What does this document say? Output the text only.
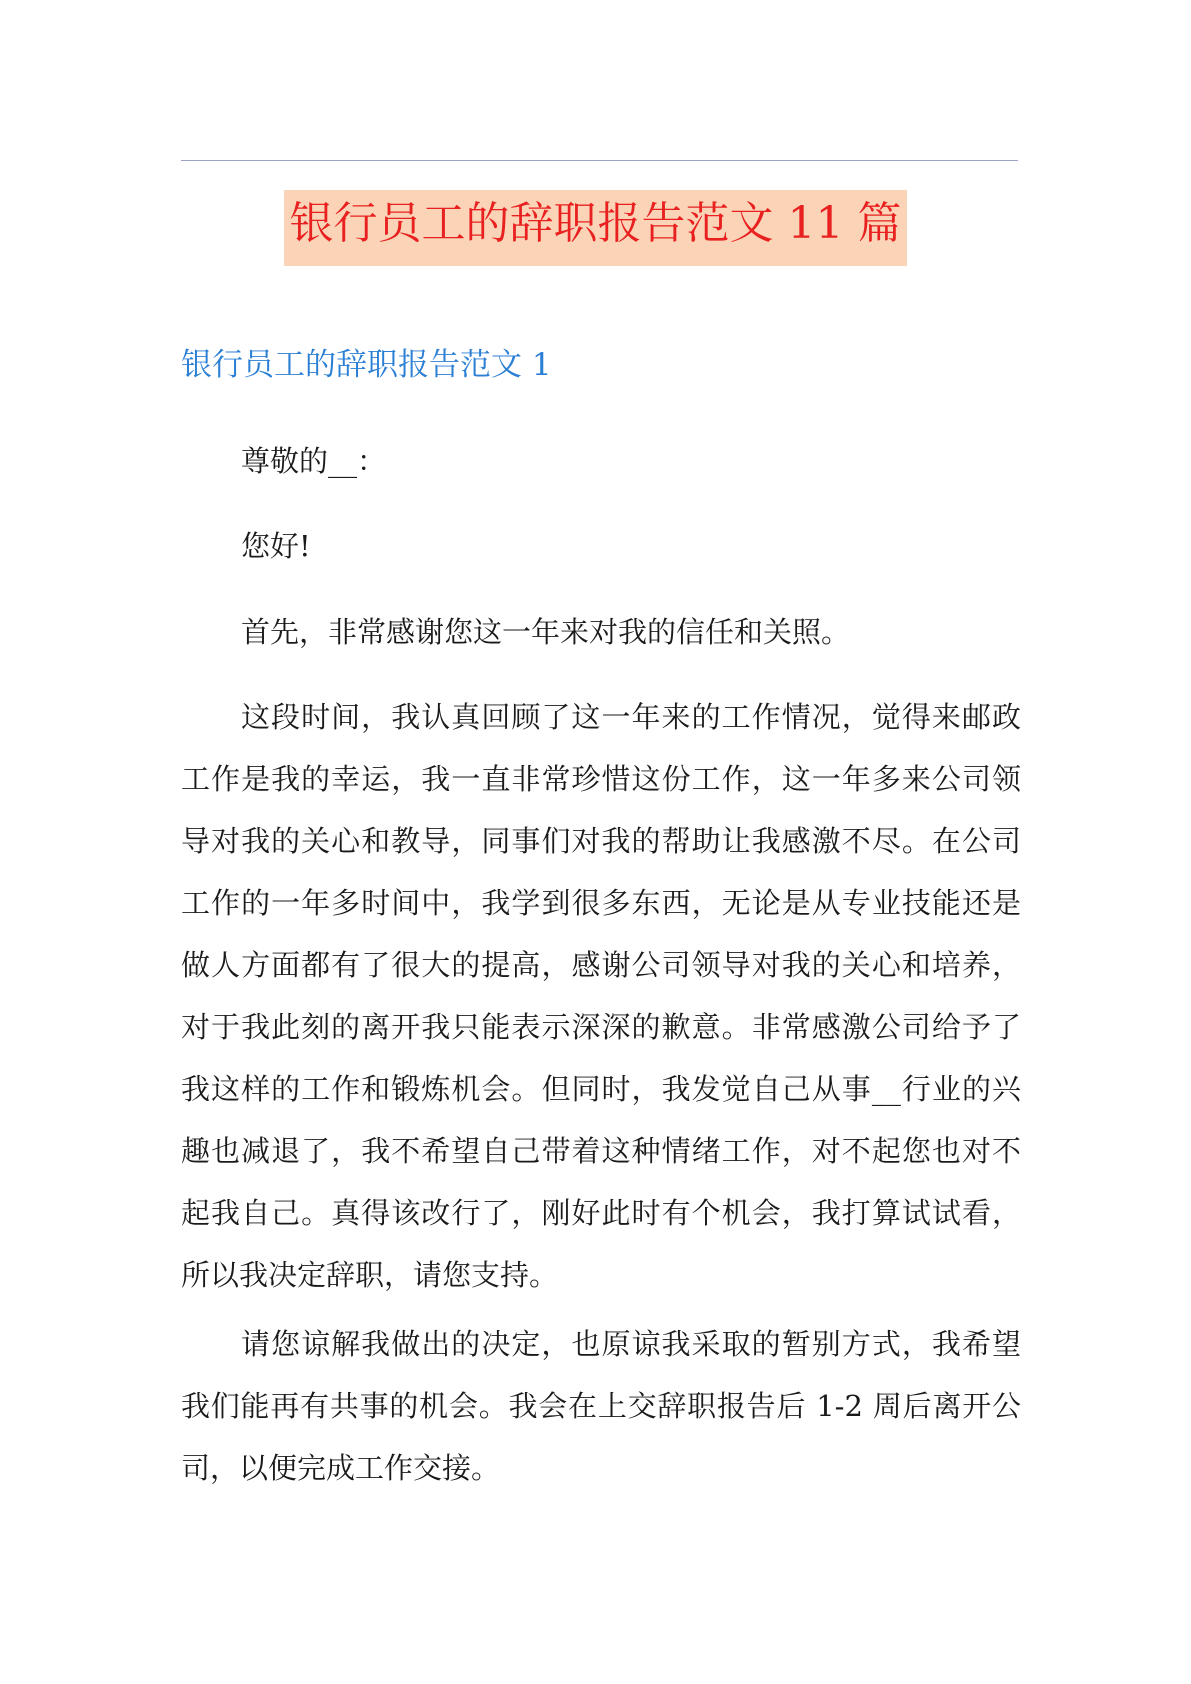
银行员工的辞职报告范文 11 篇
银行员工的辞职报告范文 1

尊敬的__：

您好!

首先，非常感谢您这一年来对我的信任和关照。

这段时间，我认真回顾了这一年来的工作情况，觉得来邮政工作是我的幸运，我一直非常珍惜这份工作，这一年多来公司领导对我的关心和教导，同事们对我的帮助让我感激不尽。在公司工作的一年多时间中，我学到很多东西，无论是从专业技能还是做人方面都有了很大的提高，感谢公司领导对我的关心和培养，对于我此刻的离开我只能表示深深的歉意。非常感激公司给予了我这样的工作和锻炼机会。但同时，我发觉自己从事__行业的兴趣也减退了，我不希望自己带着这种情绪工作，对不起您也对不起我自己。真得该改行了，刚好此时有个机会，我打算试试看，所以我决定辞职，请您支持。

请您谅解我做出的决定，也原谅我采取的暂别方式，我希望我们能再有共事的机会。我会在上交辞职报告后 1-2 周后离开公司，以便完成工作交接。
